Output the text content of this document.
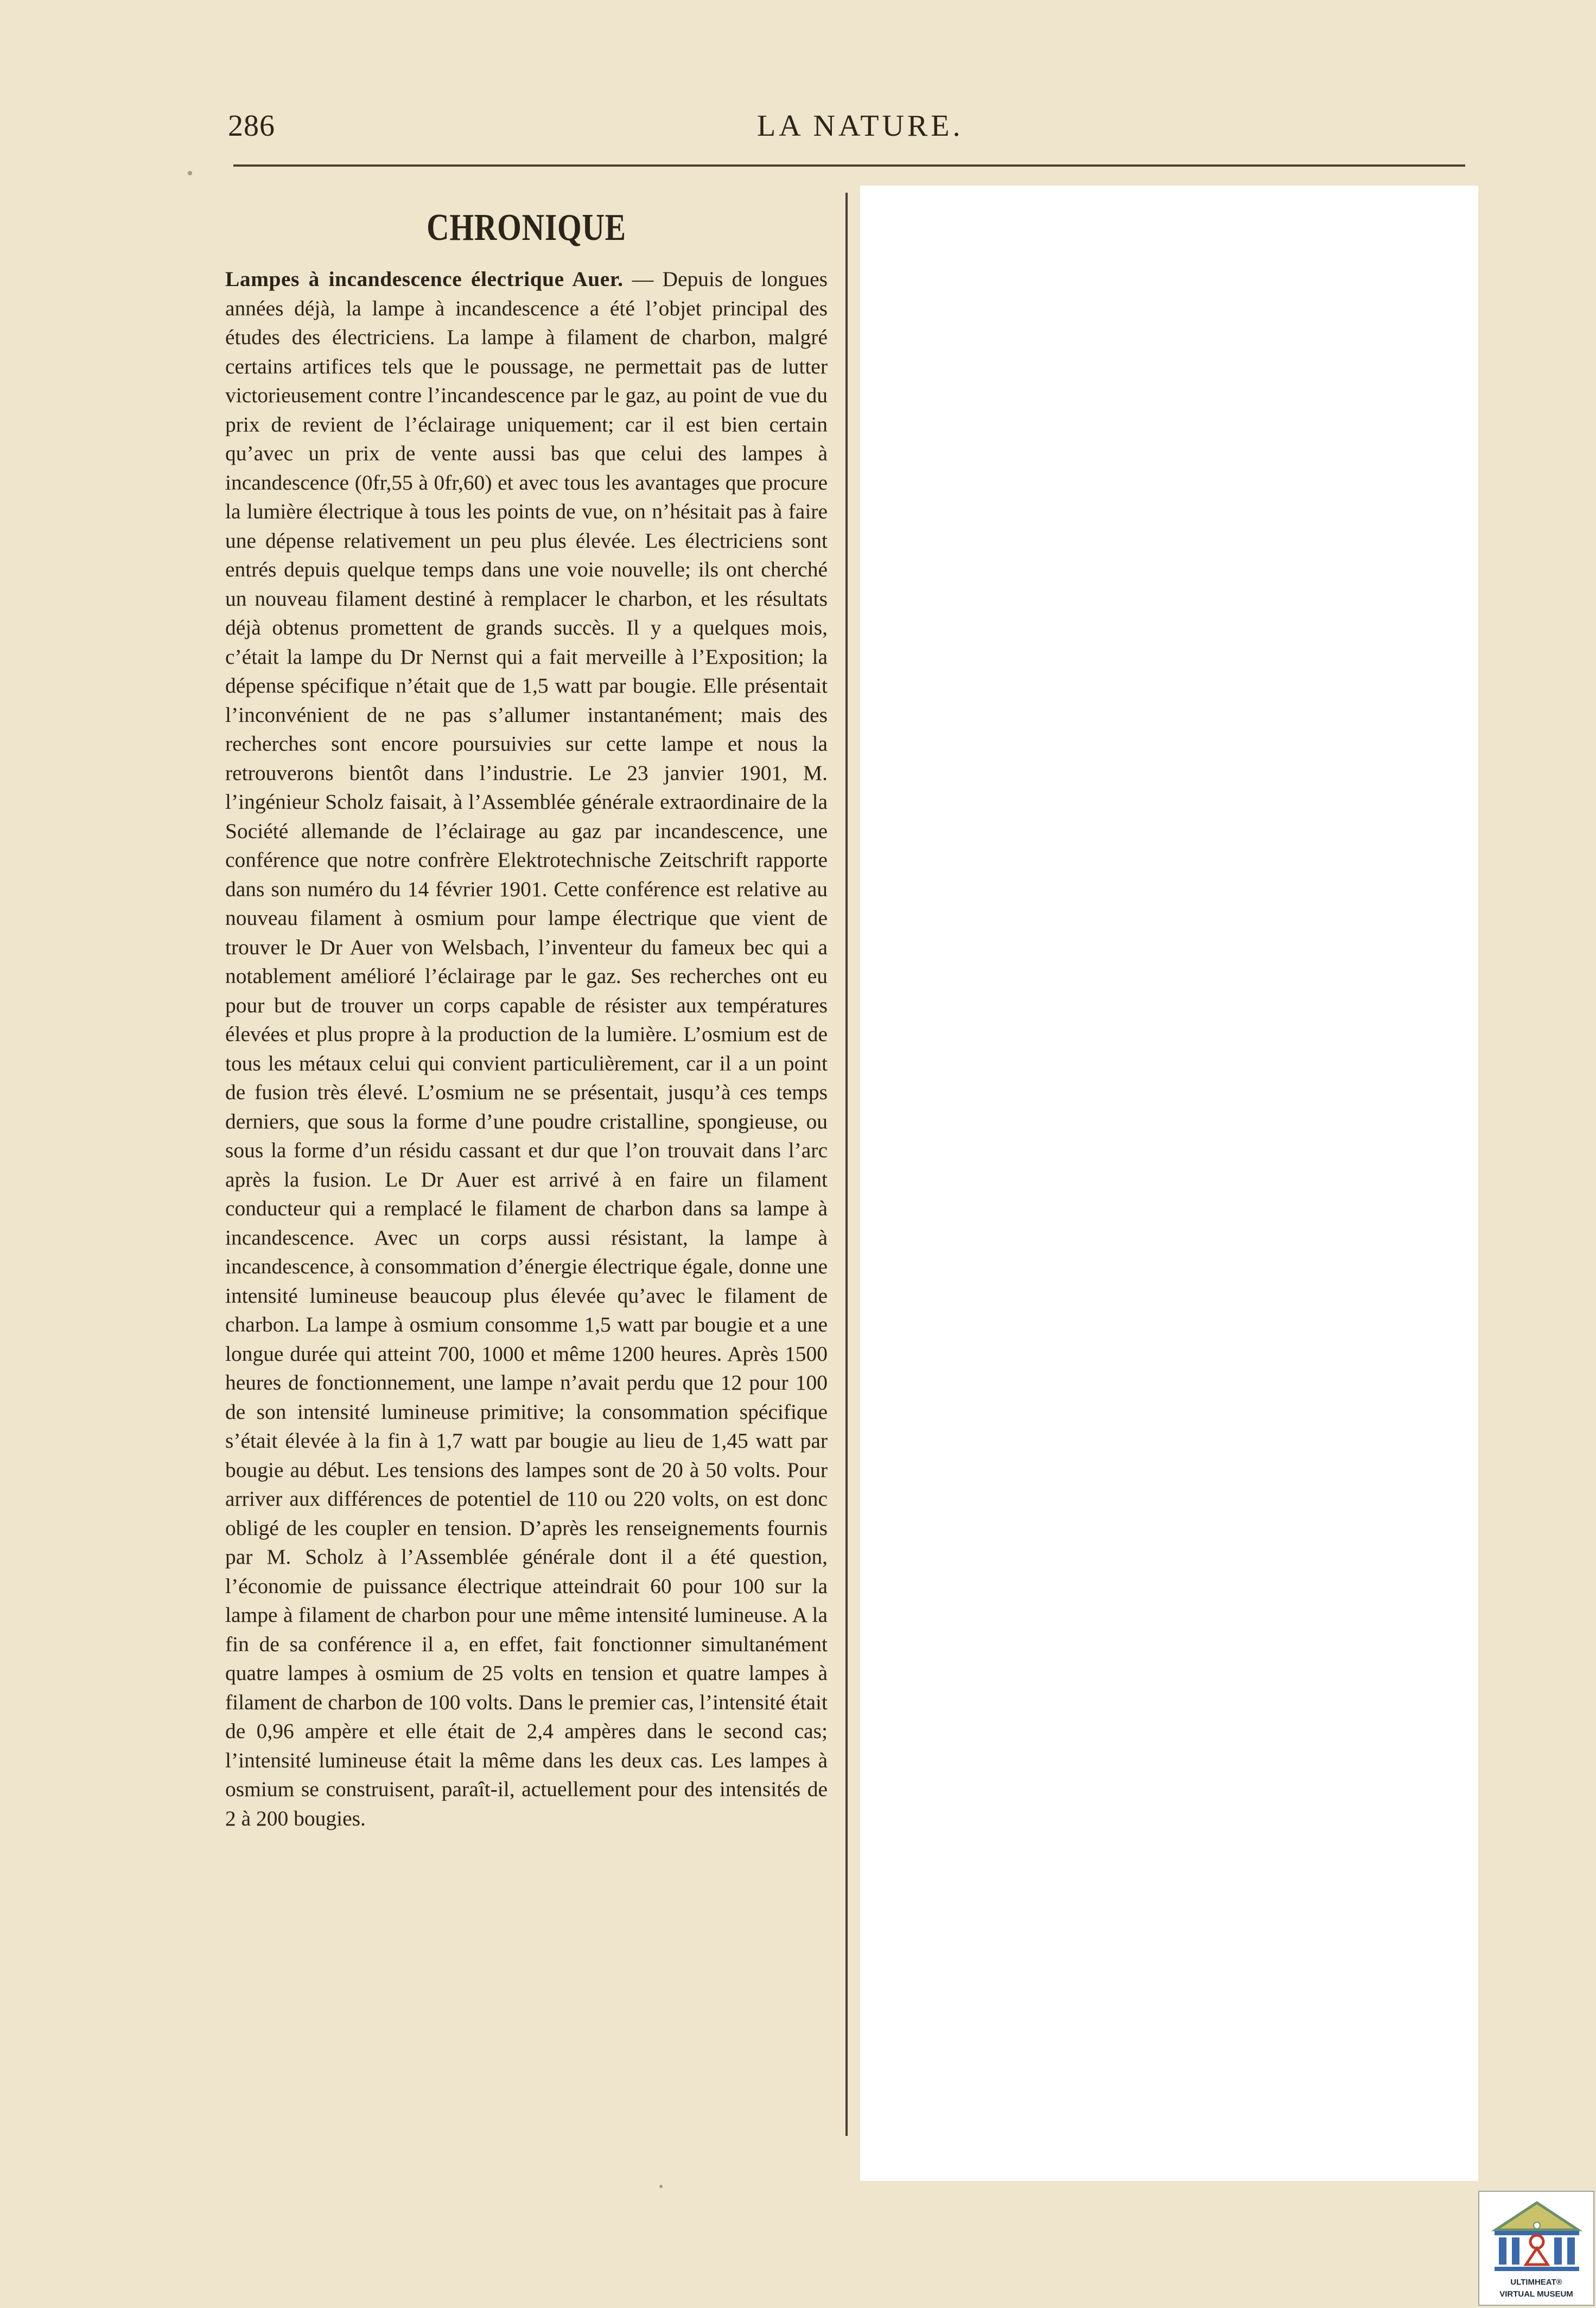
286	LA NATURE.
CHRONIQUE

Lampes à incandescence électrique Auer. — Depuis de longues années déjà, la lampe à incandescence a été l’objet principal des études des électriciens. La lampe à filament de charbon, malgré certains artifices tels que le poussage, ne permettait pas de lutter victorieusement contre l’incandescence par le gaz, au point de vue du prix de revient de l’éclairage uniquement; car il est bien certain qu’avec un prix de vente aussi bas que celui des lampes à incandescence (0fr,55 à 0fr,60) et avec tous les avantages que procure la lumière électrique à tous les points de vue, on n’hésitait pas à faire une dépense relativement un peu plus élevée. Les électriciens sont entrés depuis quelque temps dans une voie nouvelle; ils ont cherché un nouveau filament destiné à remplacer le charbon, et les résultats déjà obtenus promettent de grands succès. Il y a quelques mois, c’était la lampe du Dr Nernst qui a fait merveille à l’Exposition; la dépense spécifique n’était que de 1,5 watt par bougie. Elle présentait l’inconvénient de ne pas s’allumer instantanément; mais des recherches sont encore poursuivies sur cette lampe et nous la retrouverons bientôt dans l’industrie. Le 23 janvier 1901, M. l’ingénieur Scholz faisait, à l’Assemblée générale extraordinaire de la Société allemande de l’éclairage au gaz par incandescence, une conférence que notre confrère Elektrotechnische Zeitschrift rapporte dans son numéro du 14 février 1901. Cette conférence est relative au nouveau filament à osmium pour lampe électrique que vient de trouver le Dr Auer von Welsbach, l’inventeur du fameux bec qui a notablement amélioré l’éclairage par le gaz. Ses recherches ont eu pour but de trouver un corps capable de résister aux températures élevées et plus propre à la production de la lumière. L’osmium est de tous les métaux celui qui convient particulièrement, car il a un point de fusion très élevé. L’osmium ne se présentait, jusqu’à ces temps derniers, que sous la forme d’une poudre cristalline, spongieuse, ou sous la forme d’un résidu cassant et dur que l’on trouvait dans l’arc après la fusion. Le Dr Auer est arrivé à en faire un filament conducteur qui a remplacé le filament de charbon dans sa lampe à incandescence. Avec un corps aussi résistant, la lampe à incandescence, à consommation d’énergie électrique égale, donne une intensité lumineuse beaucoup plus élevée qu’avec le filament de charbon. La lampe à osmium consomme 1,5 watt par bougie et a une longue durée qui atteint 700, 1000 et même 1200 heures. Après 1500 heures de fonctionnement, une lampe n’avait perdu que 12 pour 100 de son intensité lumineuse primitive; la consommation spécifique s’était élevée à la fin à 1,7 watt par bougie au lieu de 1,45 watt par bougie au début. Les tensions des lampes sont de 20 à 50 volts. Pour arriver aux différences de potentiel de 110 ou 220 volts, on est donc obligé de les coupler en tension. D’après les renseignements fournis par M. Scholz à l’Assemblée générale dont il a été question, l’économie de puissance électrique atteindrait 60 pour 100 sur la lampe à filament de charbon pour une même intensité lumineuse. A la fin de sa conférence il a, en effet, fait fonctionner simultanément quatre lampes à osmium de 25 volts en tension et quatre lampes à filament de charbon de 100 volts. Dans le premier cas, l’intensité était de 0,96 ampère et elle était de 2,4 ampères dans le second cas; l’intensité lumineuse était la même dans les deux cas. Les lampes à osmium se construisent, paraît-il, actuellement pour des intensités de 2 à 200 bougies.

ULTIMHEAT®
VIRTUAL MUSEUM
